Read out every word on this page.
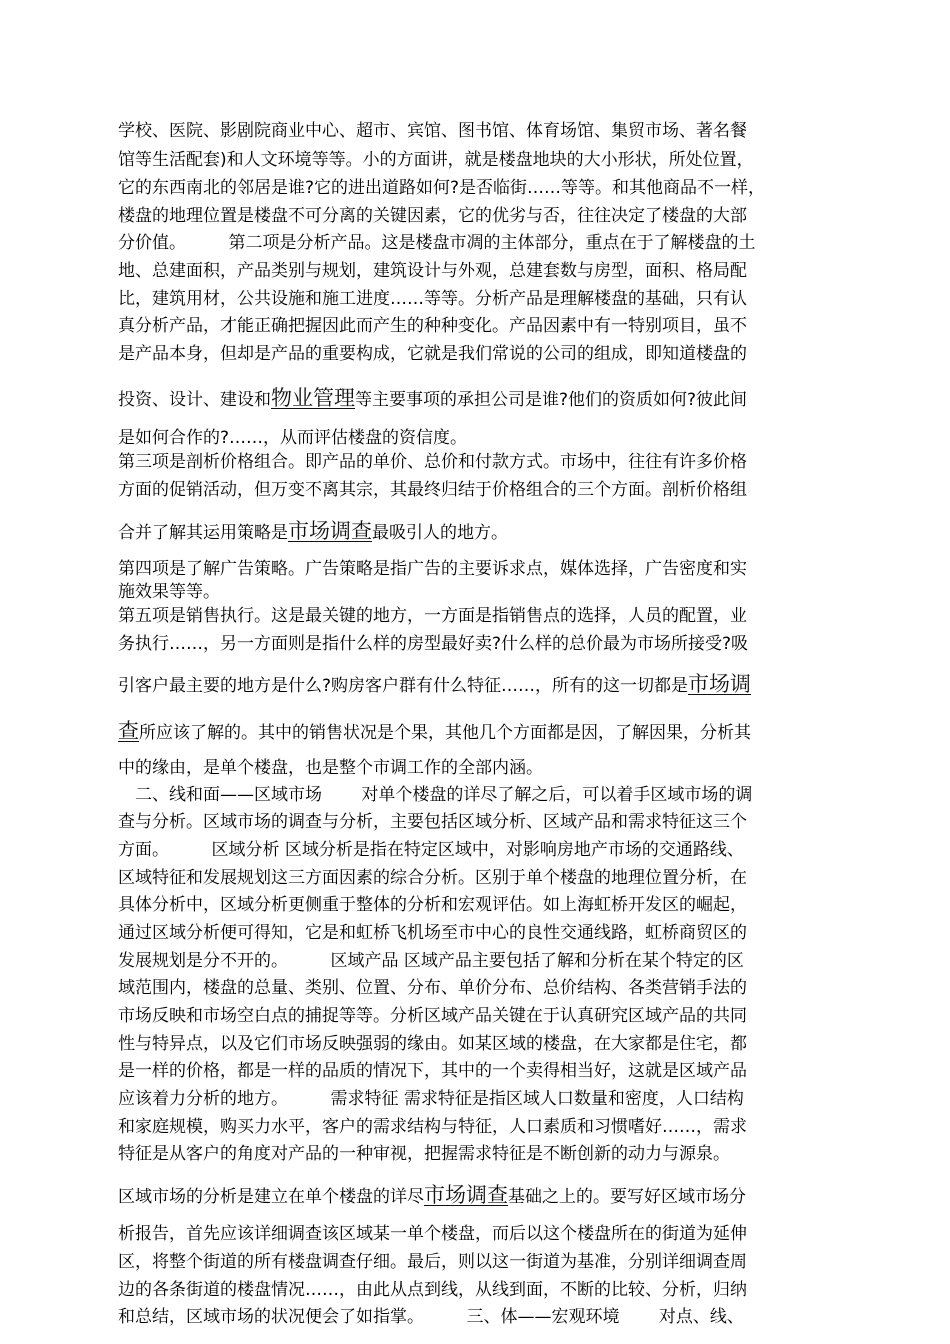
学校、医院、影剧院商业中心、超市、宾馆、图书馆、体育场馆、集贸市场、著名餐
馆等生活配套)和人文环境等等。小的方面讲，就是楼盘地块的大小形状，所处位置，
它的东西南北的邻居是谁?它的进出道路如何?是否临街……等等。和其他商品不一样，
楼盘的地理位置是楼盘不可分离的关键因素，它的优劣与否，往往决定了楼盘的大部
分价值。　　　第二项是分析产品。这是楼盘市凋的主体部分，重点在于了解楼盘的土
地、总建面积，产品类别与规划，建筑设计与外观，总建套数与房型，面积、格局配
比，建筑用材，公共设施和施工进度……等等。分析产品是理解楼盘的基础，只有认
真分析产品，才能正确把握因此而产生的种种变化。产品因素中有一特别项目，虽不
是产品本身，但却是产品的重要构成，它就是我们常说的公司的组成，即知道楼盘的
投资、设计、建设和物业管理等主要事项的承担公司是谁?他们的资质如何?彼此间
是如何合作的?……，从而评估楼盘的资信度。
第三项是剖析价格组合。即产品的单价、总价和付款方式。市场中，往往有许多价格
方面的促销活动，但万变不离其宗，其最终归结于价格组合的三个方面。剖析价格组
合并了解其运用策略是市场调查最吸引人的地方。
第四项是了解广告策略。广告策略是指广告的主要诉求点，媒体选择，广告密度和实
施效果等等。
第五项是销售执行。这是最关键的地方，一方面是指销售点的选择，人员的配置，业
务执行……，另一方面则是指什么样的房型最好卖?什么样的总价最为市场所接受?吸
引客户最主要的地方是什么?购房客户群有什么特征……，所有的这一切都是市场调
查所应该了解的。其中的销售状况是个果，其他几个方面都是因，了解因果，分析其
中的缘由，是单个楼盘，也是整个市调工作的全部内涵。
　二、线和面——区域市场　　 对单个楼盘的详尽了解之后，可以着手区域市场的调
查与分析。区域市场的调查与分析，主要包括区域分析、区域产品和需求特征这三个
方面。　　　区域分析 区域分析是指在特定区域中，对影响房地产市场的交通路线、
区域特征和发展规划这三方面因素的综合分析。区别于单个楼盘的地理位置分析，在
具体分析中，区域分析更侧重于整体的分析和宏观评估。如上海虹桥开发区的崛起，
通过区域分析便可得知，它是和虹桥飞机场至市中心的良性交通线路，虹桥商贸区的
发展规划是分不开的。　　　区域产品 区域产品主要包括了解和分析在某个特定的区
域范围内，楼盘的总量、类别、位置、分布、单价分布、总价结构、各类营销手法的
市场反映和市场空白点的捕捉等等。分析区域产品关键在于认真研究区域产品的共同
性与特异点，以及它们市场反映强弱的缘由。如某区域的楼盘，在大家都是住宅，都
是一样的价格，都是一样的品质的情况下，其中的一个卖得相当好，这就是区域产品
应该着力分析的地方。　　　需求特征 需求特征是指区域人口数量和密度，人口结构
和家庭规模，购买力水平，客户的需求结构与特征，人口素质和习惯嗜好……，需求
特征是从客户的角度对产品的一种审视，把握需求特征是不断创新的动力与源泉。
区域市场的分析是建立在单个楼盘的详尽市场调查基础之上的。要写好区域市场分
析报告，首先应该详细调查该区域某一单个楼盘，而后以这个楼盘所在的街道为延伸
区，将整个街道的所有楼盘调查仔细。最后，则以这一街道为基准，分别详细调查周
边的各条街道的楼盘情况……，由此从点到线，从线到面，不断的比较、分析，归纳
和总结，区域市场的状况便会了如指掌。　　　三、体——宏观环境　　 对点、线、
